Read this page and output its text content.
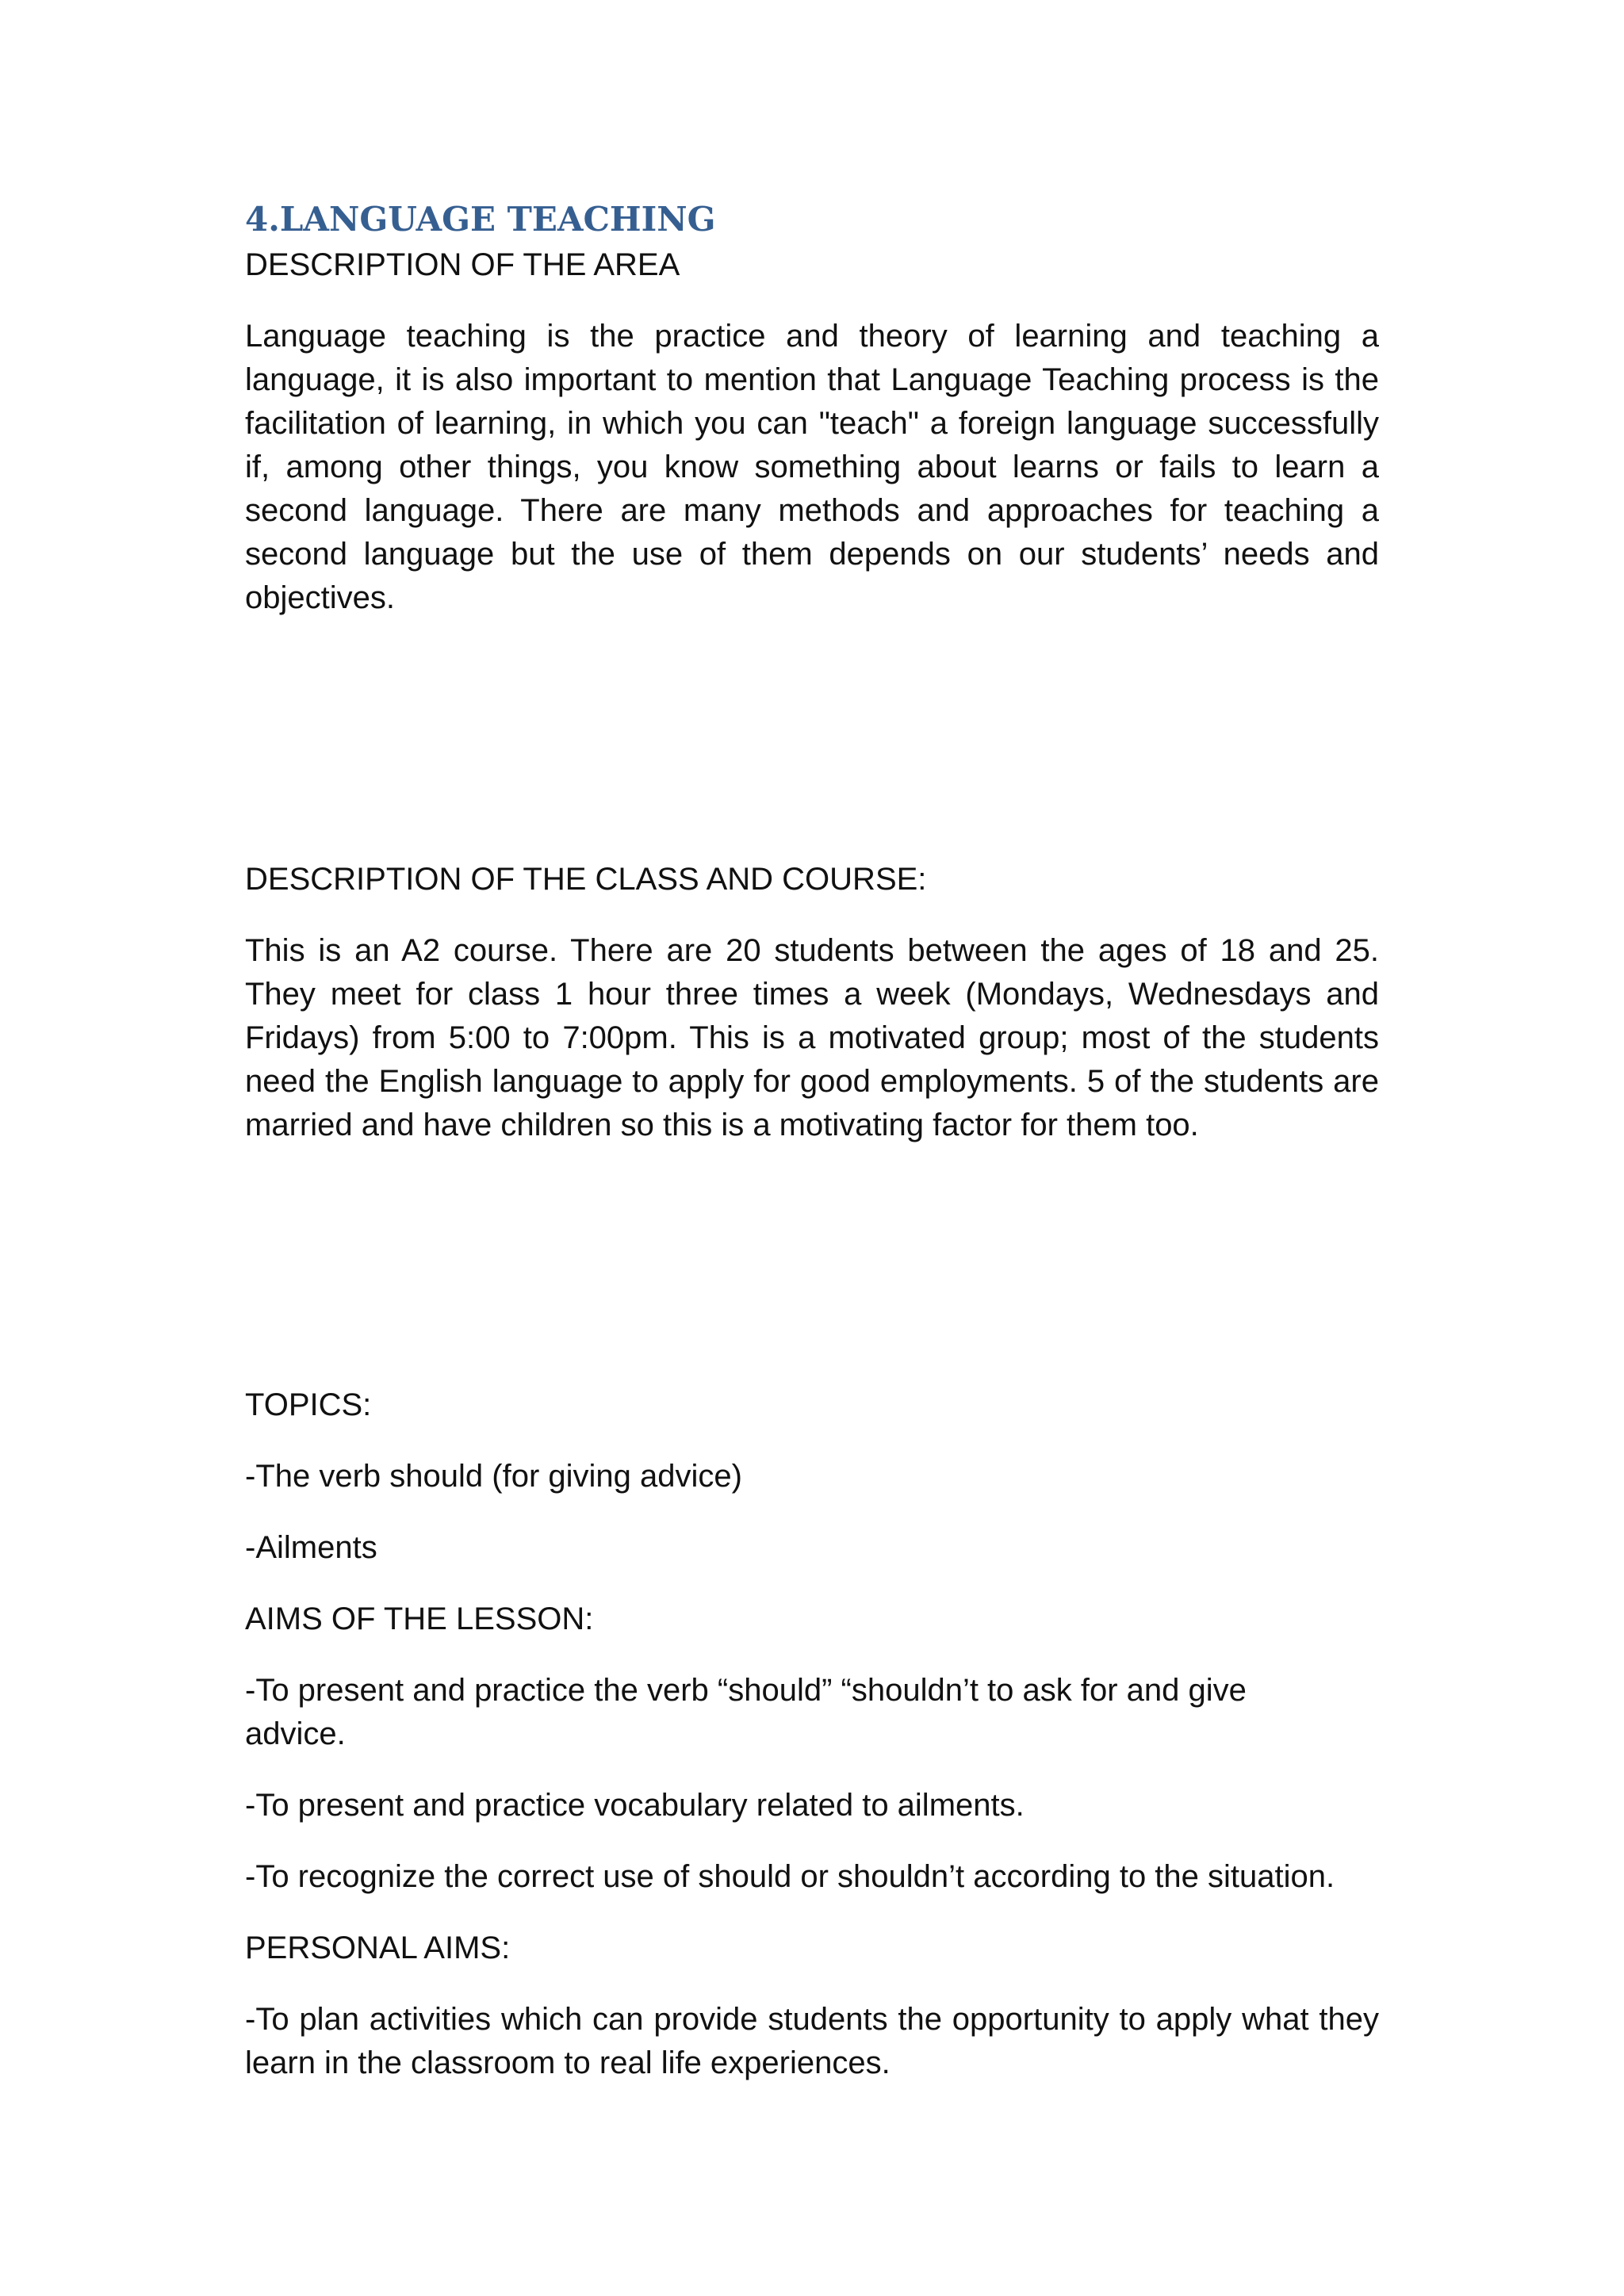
4.LANGUAGE TEACHING

DESCRIPTION OF THE AREA

Language teaching is the practice and theory of learning and teaching a language, it is also important to mention that Language Teaching process is the facilitation of learning, in which you can "teach" a foreign language successfully if, among other things, you know something about learns or fails to learn a second language. There are many methods and approaches for teaching a second language but the use of them depends on our students’ needs and objectives.

DESCRIPTION OF THE CLASS AND COURSE:

This is an A2 course. There are 20 students between the ages of 18 and 25. They meet for class 1 hour three times a week (Mondays, Wednesdays and Fridays) from 5:00 to 7:00pm. This is a motivated group; most of the students need the English language to apply for good employments. 5 of the students are married and have children so this is a motivating factor for them too.

TOPICS:

-The verb should (for giving advice)

-Ailments

AIMS OF THE LESSON:

-To present and practice the verb “should” “shouldn’t to ask for and give advice.

-To present and practice vocabulary related to ailments.

-To recognize the correct use of should or shouldn’t according to the situation.

PERSONAL AIMS:

-To plan activities which can provide students the opportunity to apply what they learn in the classroom to real life experiences.
